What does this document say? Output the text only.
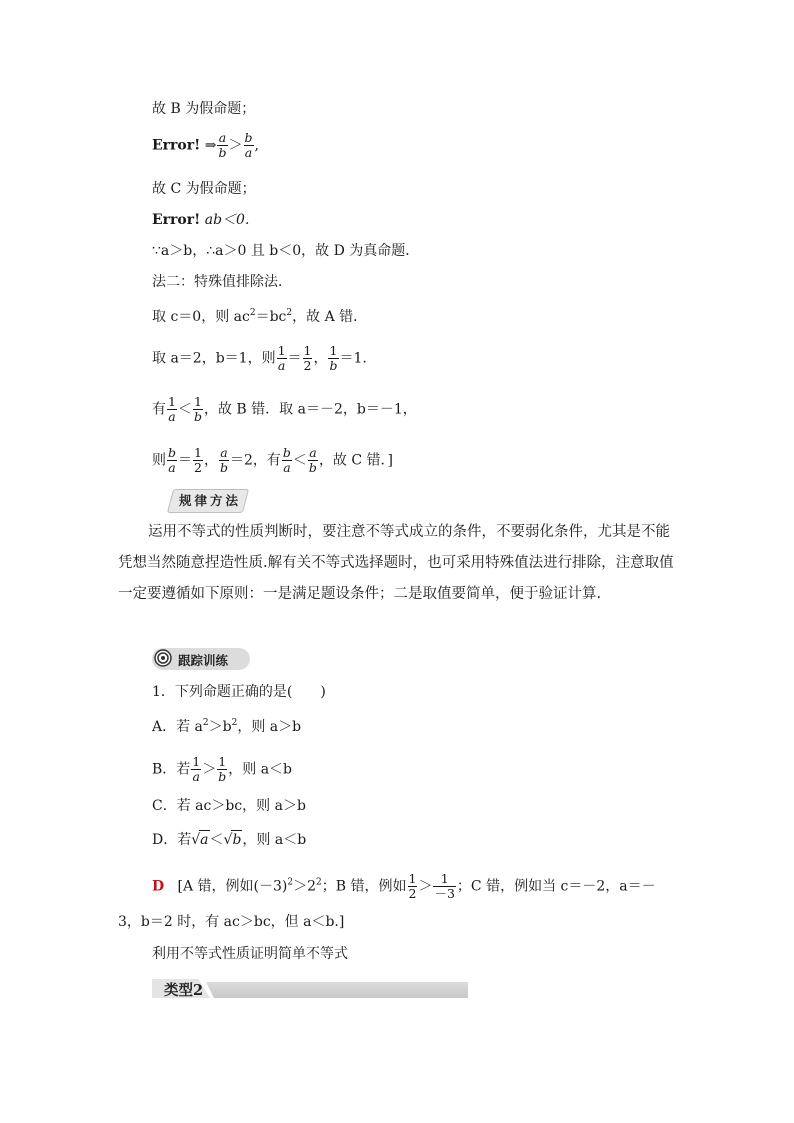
故 B 为假命题；
Error! ⇒ $\frac{a}{b} > \frac{b}{a}$ ,
故 C 为假命题；
Error! ab＜0.
∵a＞b，∴a＞0 且 b＜0，故 D 为真命题．
法二：特殊值排除法．
取 c＝0，则 $ac^2=bc^2$，故 A 错．
取 a＝2，b＝1，则 $\frac{1}{a} = \frac{1}{2}$ ， $\frac{1}{b} =1$.
有 $\frac{1}{a} < \frac{1}{b}$ ，故 B 错．取 a＝－2，b＝－1，
则 $\frac{b}{a} = \frac{1}{2}$ ， $\frac{a}{b} =2$，有 $\frac{b}{a} < \frac{a}{b}$ ，故 C 错．]
规律方法
运用不等式的性质判断时，要注意不等式成立的条件，不要弱化条件，尤其是不能凭想当然随意捏造性质.解有关不等式选择题时，也可采用特殊值法进行排除，注意取值一定要遵循如下原则：一是满足题设条件；二是取值要简单，便于验证计算.
跟踪训练
1．下列命题正确的是(　　)
A．若 $a^2>b^2$，则 a＞b
B．若 $\frac{1}{a} > \frac{1}{b}$ ，则 a＜b
C．若 ac＞bc，则 a＞b
D．若√a＜√b，则 a＜b
D [A 错，例如$(-3)^2>2^2$；B 错，例如 $\frac{1}{2} > \frac{1}{-3}$ ；C 错，例如当 c＝－2，a＝－
3，b＝2 时，有 ac＞bc，但 a＜b.]
利用不等式性质证明简单不等式
类型2
